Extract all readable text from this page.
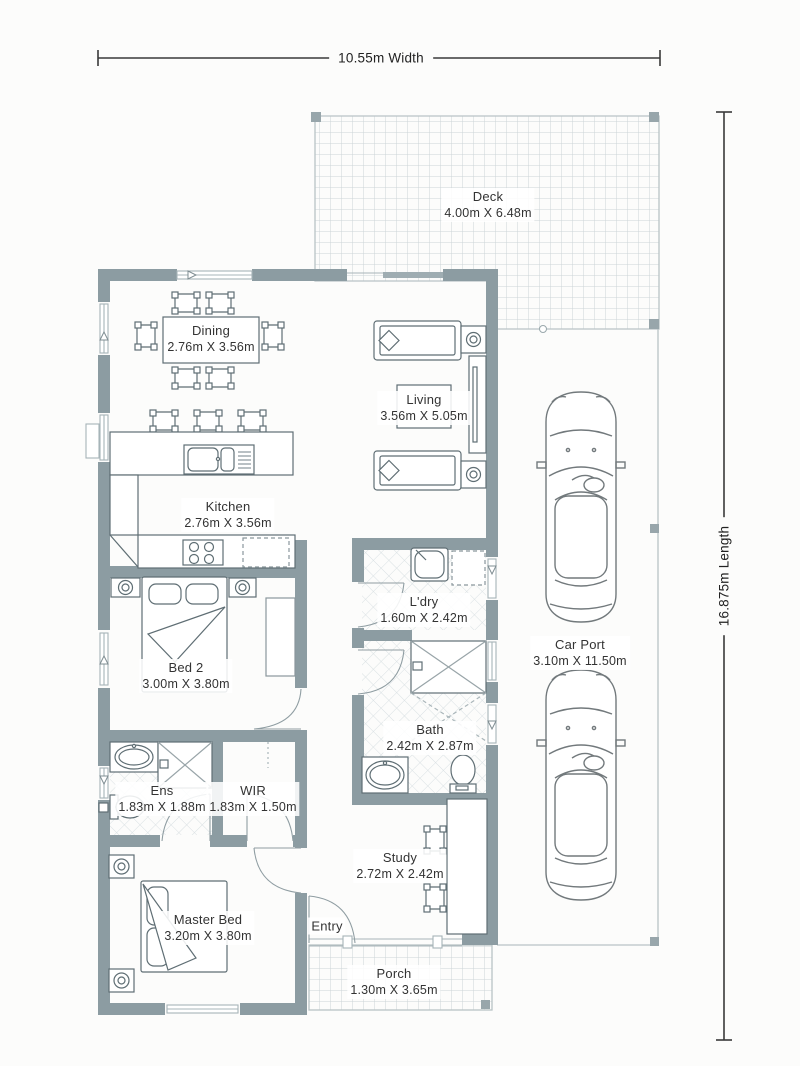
Deck
4.00m X 6.48m
Dining
2.76m X 3.56m
Living
3.56m X 5.05m
Kitchen
2.76m X 3.56m
L'dry
1.60m X 2.42m
Bed 2
3.00m X 3.80m
Bath
2.42m X 2.87m
Ens
1.83m X 1.88m
WIR
1.83m X 1.50m
Study
2.72m X 2.42m
Master Bed
3.20m X 3.80m
Entry
Porch
1.30m X 3.65m
Car Port
3.10m X 11.50m
10.55m Width
16.875m Length
